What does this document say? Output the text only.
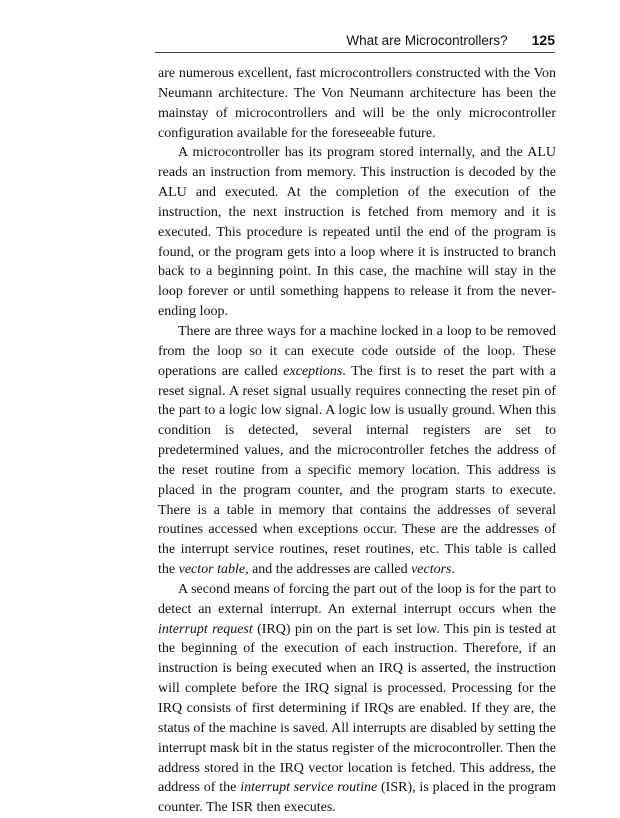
What are Microcontrollers? 125

are numerous excellent, fast microcontrollers constructed with the Von Neumann architecture. The Von Neumann architecture has been the mainstay of microcontrollers and will be the only microcontroller configuration available for the foreseeable future.

A microcontroller has its program stored internally, and the ALU reads an instruction from memory. This instruction is decoded by the ALU and executed. At the completion of the execution of the instruction, the next instruction is fetched from memory and it is executed. This procedure is repeated until the end of the program is found, or the program gets into a loop where it is instructed to branch back to a beginning point. In this case, the machine will stay in the loop forever or until something happens to release it from the never-ending loop.

There are three ways for a machine locked in a loop to be removed from the loop so it can execute code outside of the loop. These operations are called exceptions. The first is to reset the part with a reset signal. A reset signal usually requires connecting the reset pin of the part to a logic low signal. A logic low is usually ground. When this condition is detected, several internal registers are set to predetermined values, and the microcontroller fetches the address of the reset routine from a specific memory location. This address is placed in the program counter, and the program starts to execute. There is a table in memory that contains the addresses of several routines accessed when exceptions occur. These are the addresses of the interrupt service routines, reset routines, etc. This table is called the vector table, and the addresses are called vectors.

A second means of forcing the part out of the loop is for the part to detect an external interrupt. An external interrupt occurs when the interrupt request (IRQ) pin on the part is set low. This pin is tested at the beginning of the execution of each instruction. Therefore, if an instruction is being executed when an IRQ is asserted, the instruction will complete before the IRQ signal is processed. Processing for the IRQ consists of first determining if IRQs are enabled. If they are, the status of the machine is saved. All interrupts are disabled by setting the interrupt mask bit in the status register of the microcontroller. Then the address stored in the IRQ vector location is fetched. This address, the address of the interrupt service routine (ISR), is placed in the program counter. The ISR then executes.
